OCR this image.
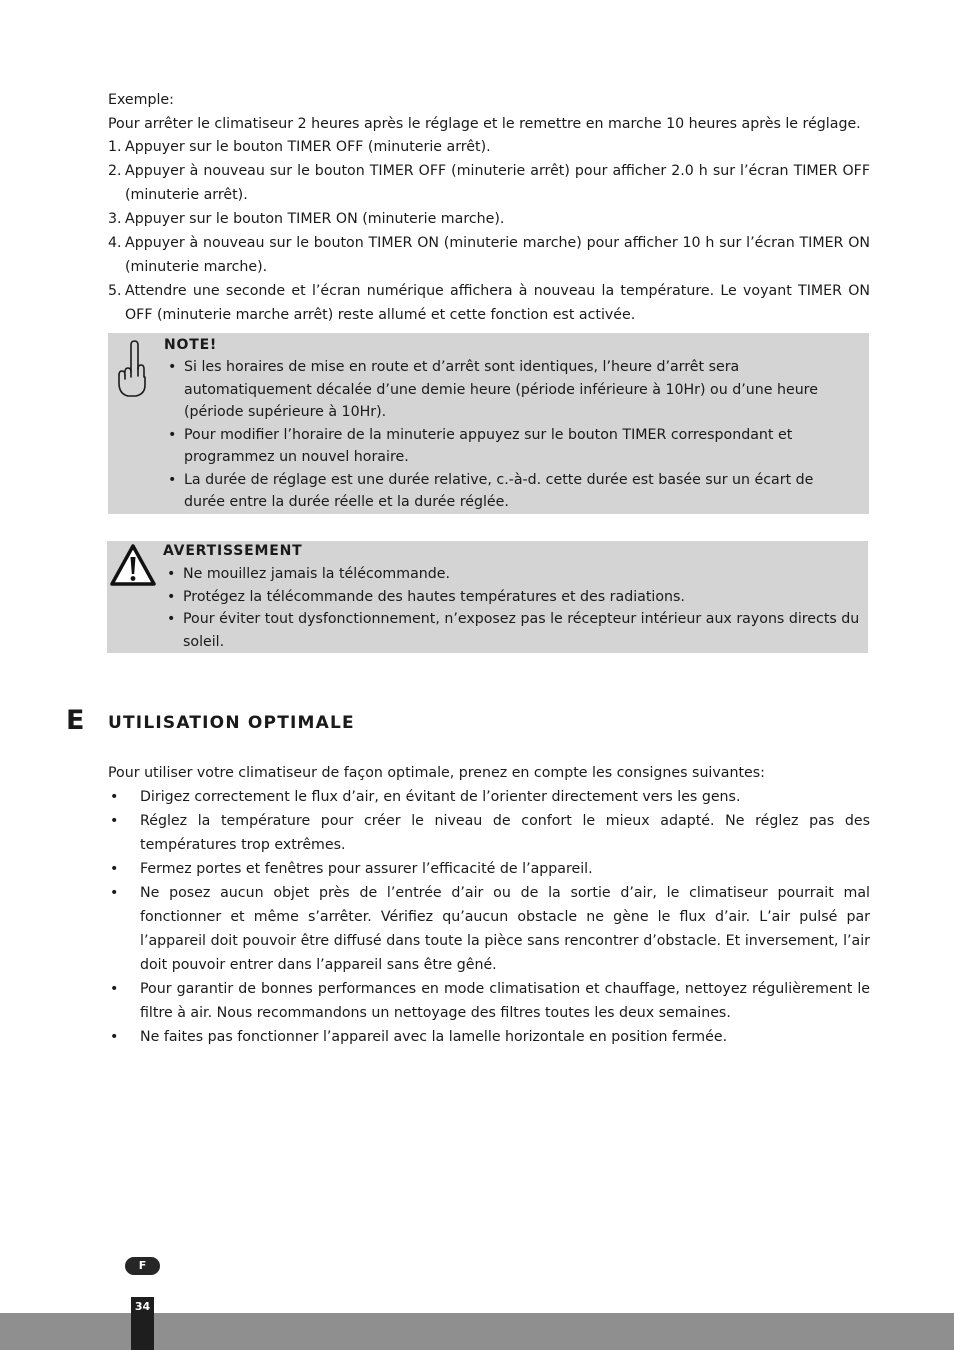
Exemple:

Pour arrêter le climatiseur 2 heures après le réglage et le remettre en marche 10 heures après le réglage.

1. Appuyer sur le bouton TIMER OFF (minuterie arrêt).
2. Appuyer à nouveau sur le bouton TIMER OFF (minuterie arrêt) pour afficher 2.0 h sur l’écran TIMER OFF (minuterie arrêt).
3. Appuyer sur le bouton TIMER ON (minuterie marche).
4. Appuyer à nouveau sur le bouton TIMER ON (minuterie marche) pour afficher 10 h sur l’écran TIMER ON (minuterie marche).
5. Attendre une seconde et l’écran numérique affichera à nouveau la température. Le voyant TIMER ON OFF (minuterie marche arrêt) reste allumé et cette fonction est activée.
NOTE!
• Si les horaires de mise en route et d’arrêt sont identiques, l’heure d’arrêt sera automatiquement décalée d’une demie heure (période inférieure à 10Hr) ou d’une heure (période supérieure à 10Hr).
• Pour modifier l’horaire de la minuterie appuyez sur le bouton TIMER correspondant et programmez un nouvel horaire.
• La durée de réglage est une durée relative, c.-à-d. cette durée est basée sur un écart de durée entre la durée réelle et la durée réglée.
AVERTISSEMENT
• Ne mouillez jamais la télécommande.
• Protégez la télécommande des hautes températures et des radiations.
• Pour éviter tout dysfonctionnement, n’exposez pas le récepteur intérieur aux rayons directs du soleil.
E UTILISATION OPTIMALE

Pour utiliser votre climatiseur de façon optimale, prenez en compte les consignes suivantes:

• Dirigez correctement le flux d’air, en évitant de l’orienter directement vers les gens.
• Réglez la température pour créer le niveau de confort le mieux adapté. Ne réglez pas des températures trop extrêmes.
• Fermez portes et fenêtres pour assurer l’efficacité de l’appareil.
• Ne posez aucun objet près de l’entrée d’air ou de la sortie d’air, le climatiseur pourrait mal fonctionner et même s’arrêter. Vérifiez qu’aucun obstacle ne gène le flux d’air. L’air pulsé par l’appareil doit pouvoir être diffusé dans toute la pièce sans rencontrer d’obstacle. Et inversement, l’air doit pouvoir entrer dans l’appareil sans être gêné.
• Pour garantir de bonnes performances en mode climatisation et chauffage, nettoyez régulièrement le filtre à air. Nous recommandons un nettoyage des filtres toutes les deux semaines.
• Ne faites pas fonctionner l’appareil avec la lamelle horizontale en position fermée.
F
34
